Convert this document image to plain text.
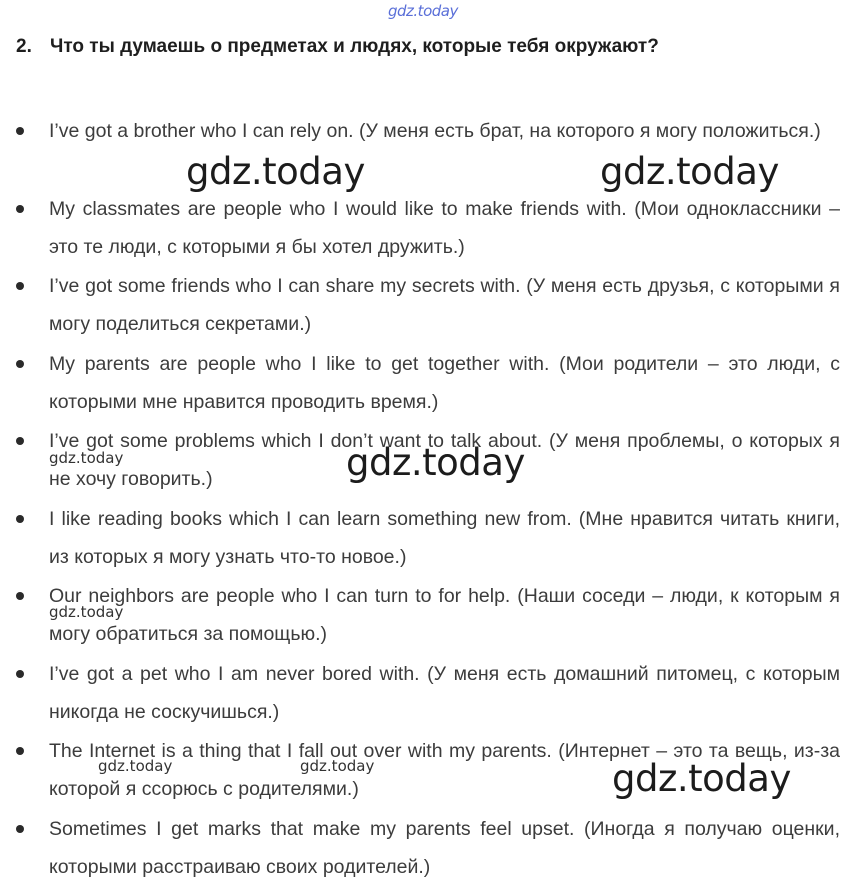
gdz.today
2. Что ты думаешь о предметах и людях, которые тебя окружают?
I’ve got a brother who I can rely on. (У меня есть брат, на которого я могу положиться.)
My classmates are people who I would like to make friends with. (Мои одноклассники – это те люди, с которыми я бы хотел дружить.)
I’ve got some friends who I can share my secrets with. (У меня есть друзья, с которыми я могу поделиться секретами.)
My parents are people who I like to get together with. (Мои родители – это люди, с которыми мне нравится проводить время.)
I’ve got some problems which I don’t want to talk about. (У меня проблемы, о которых я не хочу говорить.)
I like reading books which I can learn something new from. (Мне нравится читать книги, из которых я могу узнать что-то новое.)
Our neighbors are people who I can turn to for help. (Наши соседи – люди, к которым я могу обратиться за помощью.)
I’ve got a pet who I am never bored with. (У меня есть домашний питомец, с которым никогда не соскучишься.)
The Internet is a thing that I fall out over with my parents. (Интернет – это та вещь, из-за которой я ссорюсь с родителями.)
Sometimes I get marks that make my parents feel upset. (Иногда я получаю оценки, которыми расстраиваю своих родителей.)
gdz.today	gdz.today
gdz.today	gdz.today
gdz.today
gdz.today	gdz.today	gdz.today
